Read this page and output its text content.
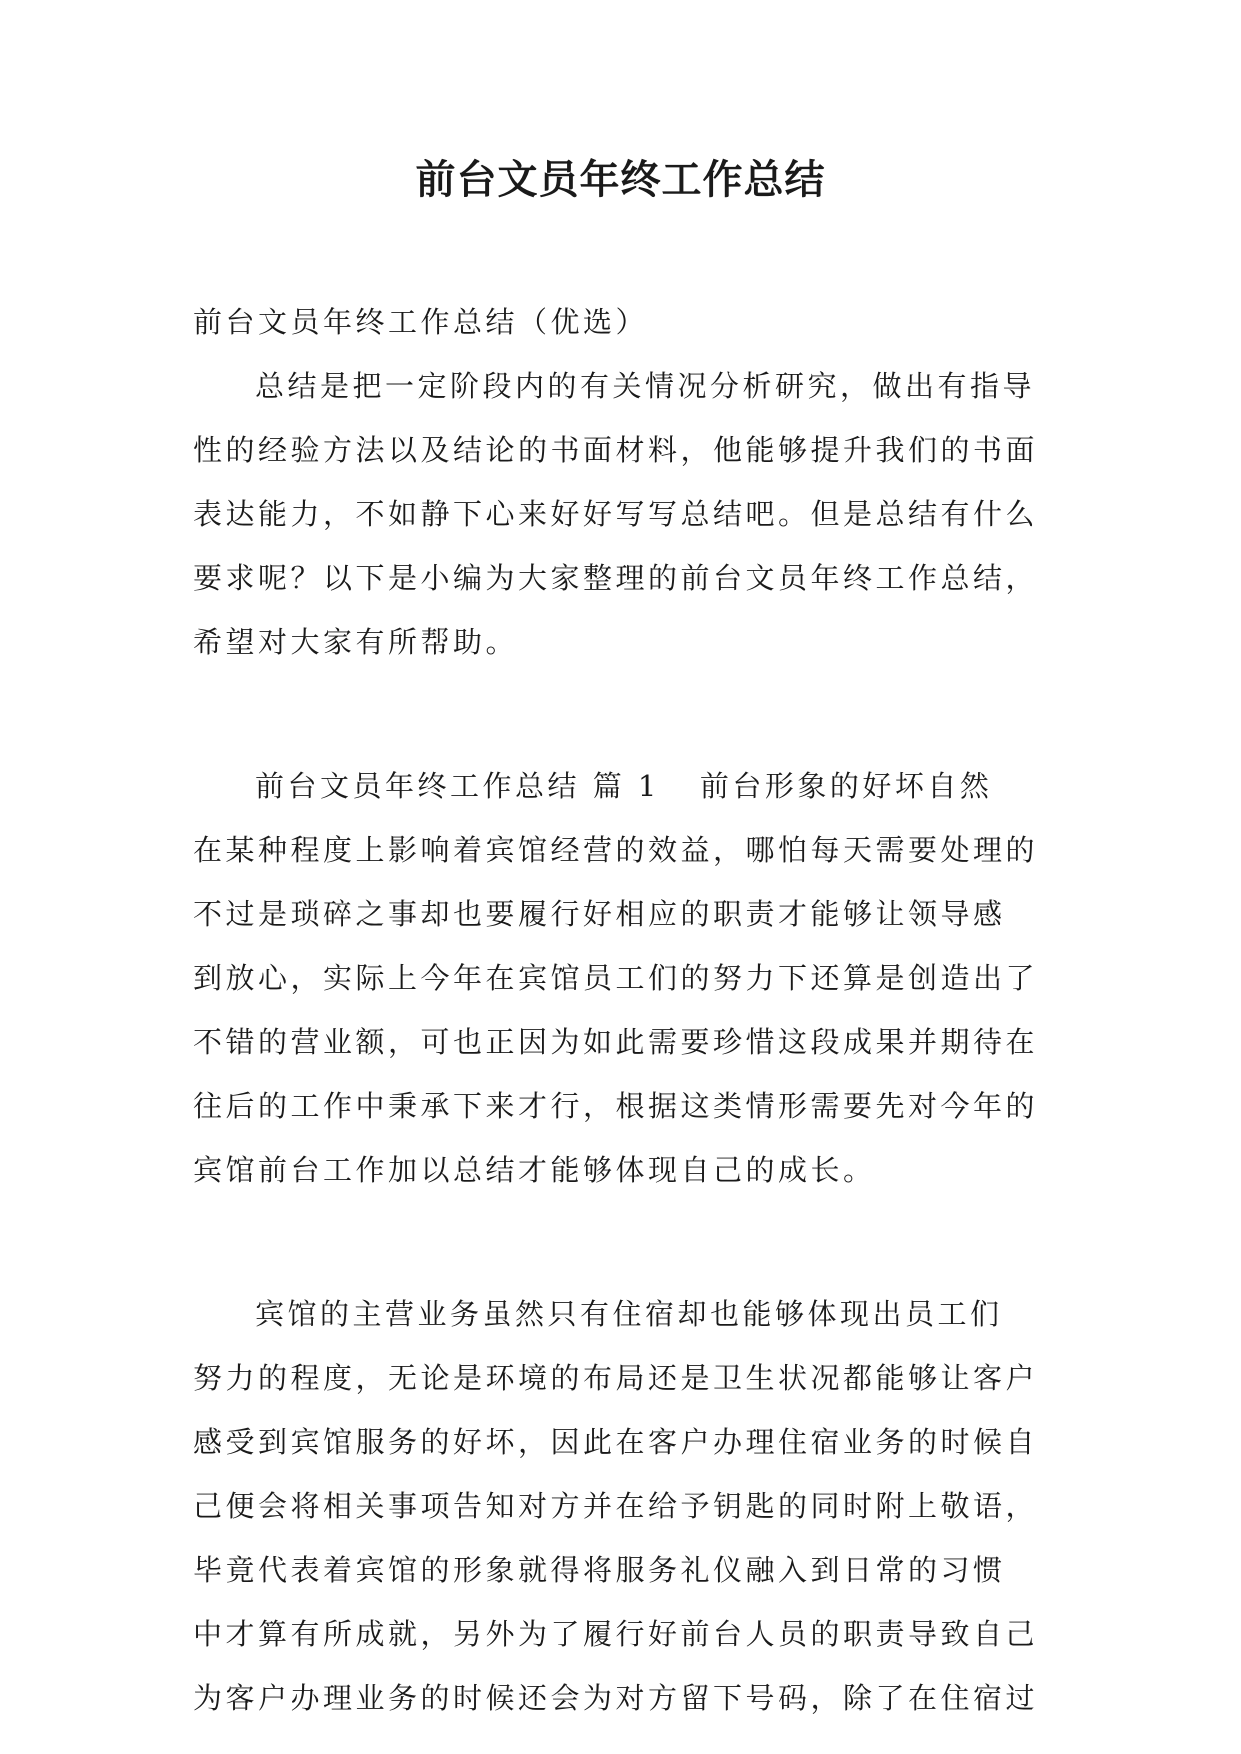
前台文员年终工作总结
前台文员年终工作总结（优选）
总结是把一定阶段内的有关情况分析研究，做出有指导
性的经验方法以及结论的书面材料，他能够提升我们的书面
表达能力，不如静下心来好好写写总结吧。但是总结有什么
要求呢？以下是小编为大家整理的前台文员年终工作总结，
希望对大家有所帮助。
前台文员年终工作总结 篇 1 前台形象的好坏自然
在某种程度上影响着宾馆经营的效益，哪怕每天需要处理的
不过是琐碎之事却也要履行好相应的职责才能够让领导感
到放心，实际上今年在宾馆员工们的努力下还算是创造出了
不错的营业额，可也正因为如此需要珍惜这段成果并期待在
往后的工作中秉承下来才行，根据这类情形需要先对今年的
宾馆前台工作加以总结才能够体现自己的成长。
宾馆的主营业务虽然只有住宿却也能够体现出员工们
努力的程度，无论是环境的布局还是卫生状况都能够让客户
感受到宾馆服务的好坏，因此在客户办理住宿业务的时候自
己便会将相关事项告知对方并在给予钥匙的同时附上敬语，
毕竟代表着宾馆的形象就得将服务礼仪融入到日常的习惯
中才算有所成就，另外为了履行好前台人员的职责导致自己
为客户办理业务的时候还会为对方留下号码，除了在住宿过
